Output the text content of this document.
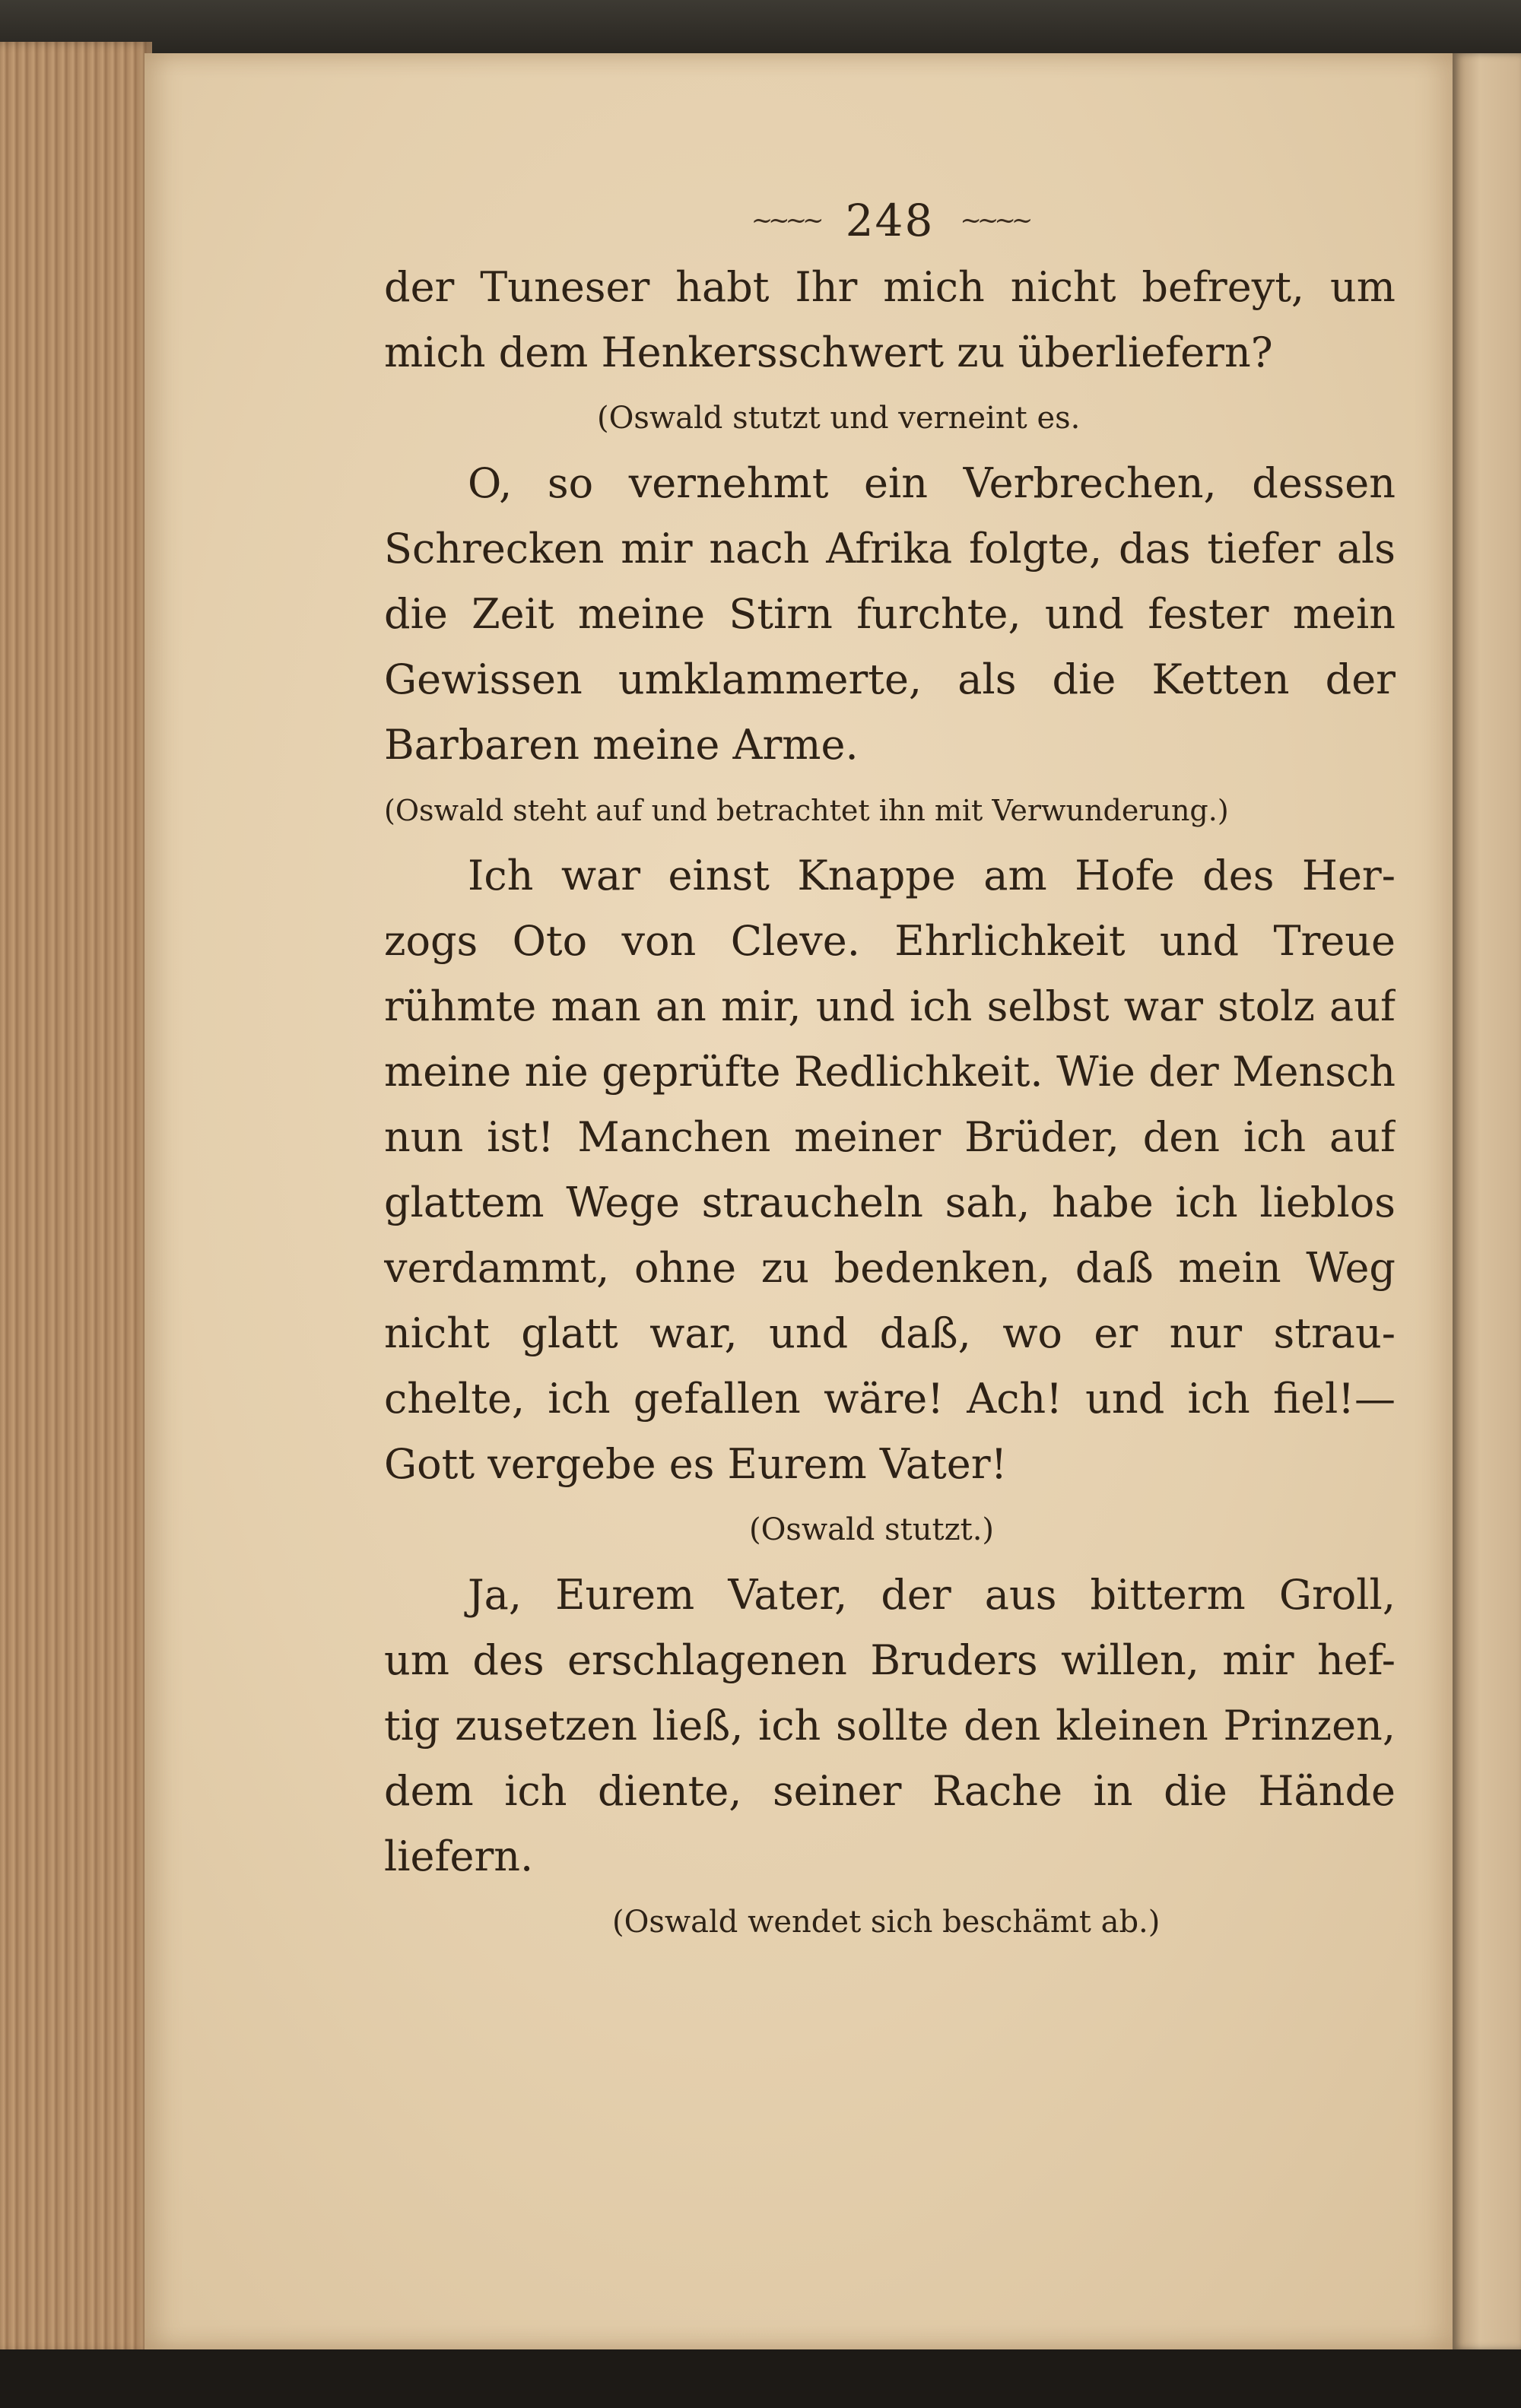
~~~~ 248 ~~~~
der Tuneser habt Ihr mich nicht befreyt, um
mich dem Henkersschwert zu überliefern?
(Oswald stutzt und verneint es.
O, so vernehmt ein Verbrechen, dessen
Schrecken mir nach Afrika folgte, das tiefer als
die Zeit meine Stirn furchte, und fester mein
Gewissen umklammerte, als die Ketten der
Barbaren meine Arme.
(Oswald steht auf und betrachtet ihn mit Verwunderung.)
Ich war einst Knappe am Hofe des Her-
zogs Oto von Cleve. Ehrlichkeit und Treue
rühmte man an mir, und ich selbst war stolz auf
meine nie geprüfte Redlichkeit. Wie der Mensch
nun ist! Manchen meiner Brüder, den ich auf
glattem Wege straucheln sah, habe ich lieblos
verdammt, ohne zu bedenken, daß mein Weg
nicht glatt war, und daß, wo er nur strau-
chelte, ich gefallen wäre! Ach! und ich fiel!—
Gott vergebe es Eurem Vater!
(Oswald stutzt.)
Ja, Eurem Vater, der aus bitterm Groll,
um des erschlagenen Bruders willen, mir hef-
tig zusetzen ließ, ich sollte den kleinen Prinzen,
dem ich diente, seiner Rache in die Hände
liefern.
(Oswald wendet sich beschämt ab.)
